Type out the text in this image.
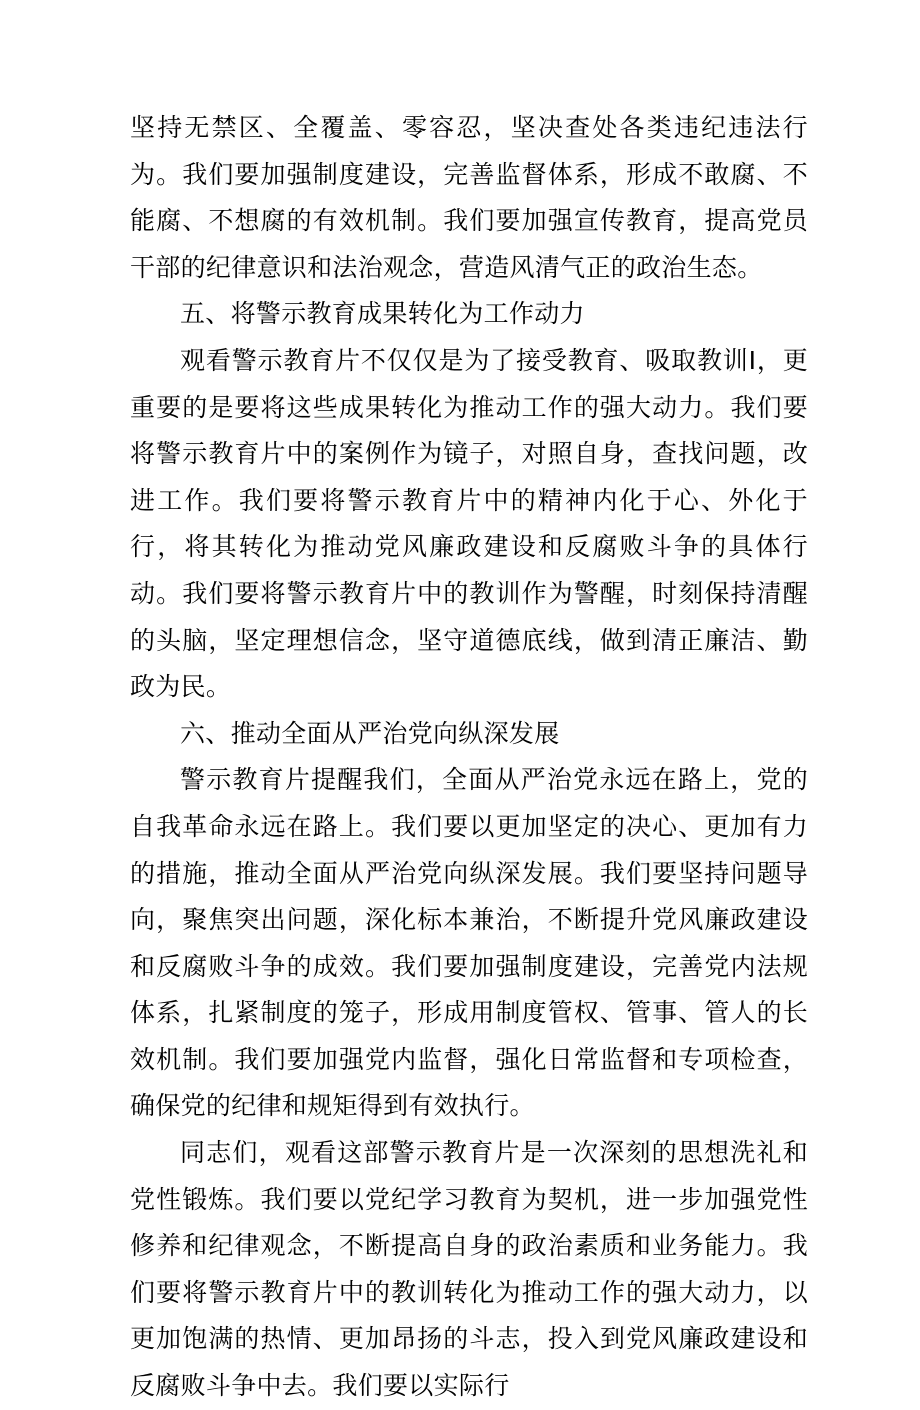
坚持无禁区、全覆盖、零容忍，坚决查处各类违纪违法行为。我们要加强制度建设，完善监督体系，形成不敢腐、不能腐、不想腐的有效机制。我们要加强宣传教育，提高党员干部的纪律意识和法治观念，营造风清气正的政治生态。

五、将警示教育成果转化为工作动力

观看警示教育片不仅仅是为了接受教育、吸取教训I，更重要的是要将这些成果转化为推动工作的强大动力。我们要将警示教育片中的案例作为镜子，对照自身，查找问题，改进工作。我们要将警示教育片中的精神内化于心、外化于行，将其转化为推动党风廉政建设和反腐败斗争的具体行动。我们要将警示教育片中的教训作为警醒，时刻保持清醒的头脑，坚定理想信念，坚守道德底线，做到清正廉洁、勤政为民。

六、推动全面从严治党向纵深发展

警示教育片提醒我们，全面从严治党永远在路上，党的自我革命永远在路上。我们要以更加坚定的决心、更加有力的措施，推动全面从严治党向纵深发展。我们要坚持问题导向，聚焦突出问题，深化标本兼治，不断提升党风廉政建设和反腐败斗争的成效。我们要加强制度建设，完善党内法规体系，扎紧制度的笼子，形成用制度管权、管事、管人的长效机制。我们要加强党内监督，强化日常监督和专项检查，确保党的纪律和规矩得到有效执行。

同志们，观看这部警示教育片是一次深刻的思想洗礼和党性锻炼。我们要以党纪学习教育为契机，进一步加强党性修养和纪律观念，不断提高自身的政治素质和业务能力。我们要将警示教育片中的教训转化为推动工作的强大动力，以更加饱满的热情、更加昂扬的斗志，投入到党风廉政建设和反腐败斗争中去。我们要以实际行
